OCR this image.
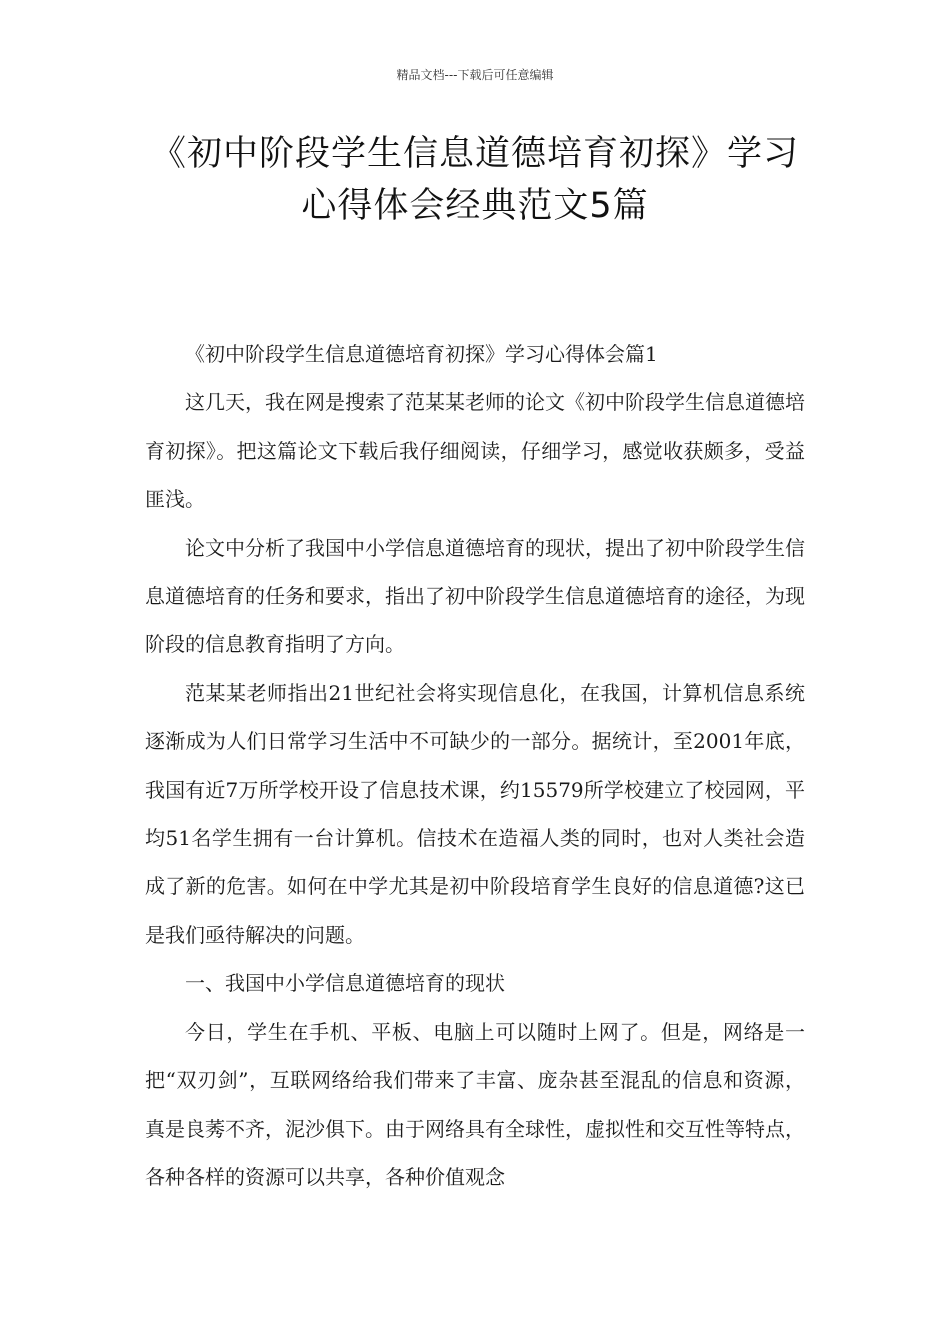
精品文档---下载后可任意编辑
《初中阶段学生信息道德培育初探》学习心得体会经典范文5篇

《初中阶段学生信息道德培育初探》学习心得体会篇1

这几天，我在网是搜索了范某某老师的论文《初中阶段学生信息道德培育初探》。把这篇论文下载后我仔细阅读，仔细学习，感觉收获颇多，受益匪浅。

论文中分析了我国中小学信息道德培育的现状，提出了初中阶段学生信息道德培育的任务和要求，指出了初中阶段学生信息道德培育的途径，为现阶段的信息教育指明了方向。

范某某老师指出21世纪社会将实现信息化，在我国，计算机信息系统逐渐成为人们日常学习生活中不可缺少的一部分。据统计，至2001年底，我国有近7万所学校开设了信息技术课，约15579所学校建立了校园网，平均51名学生拥有一台计算机。信技术在造福人类的同时，也对人类社会造成了新的危害。如何在中学尤其是初中阶段培育学生良好的信息道德?这已是我们亟待解决的问题。

一、我国中小学信息道德培育的现状

今日，学生在手机、平板、电脑上可以随时上网了。但是，网络是一把“双刃剑”，互联网络给我们带来了丰富、庞杂甚至混乱的信息和资源，真是良莠不齐，泥沙俱下。由于网络具有全球性，虚拟性和交互性等特点，各种各样的资源可以共享，各种价值观念
